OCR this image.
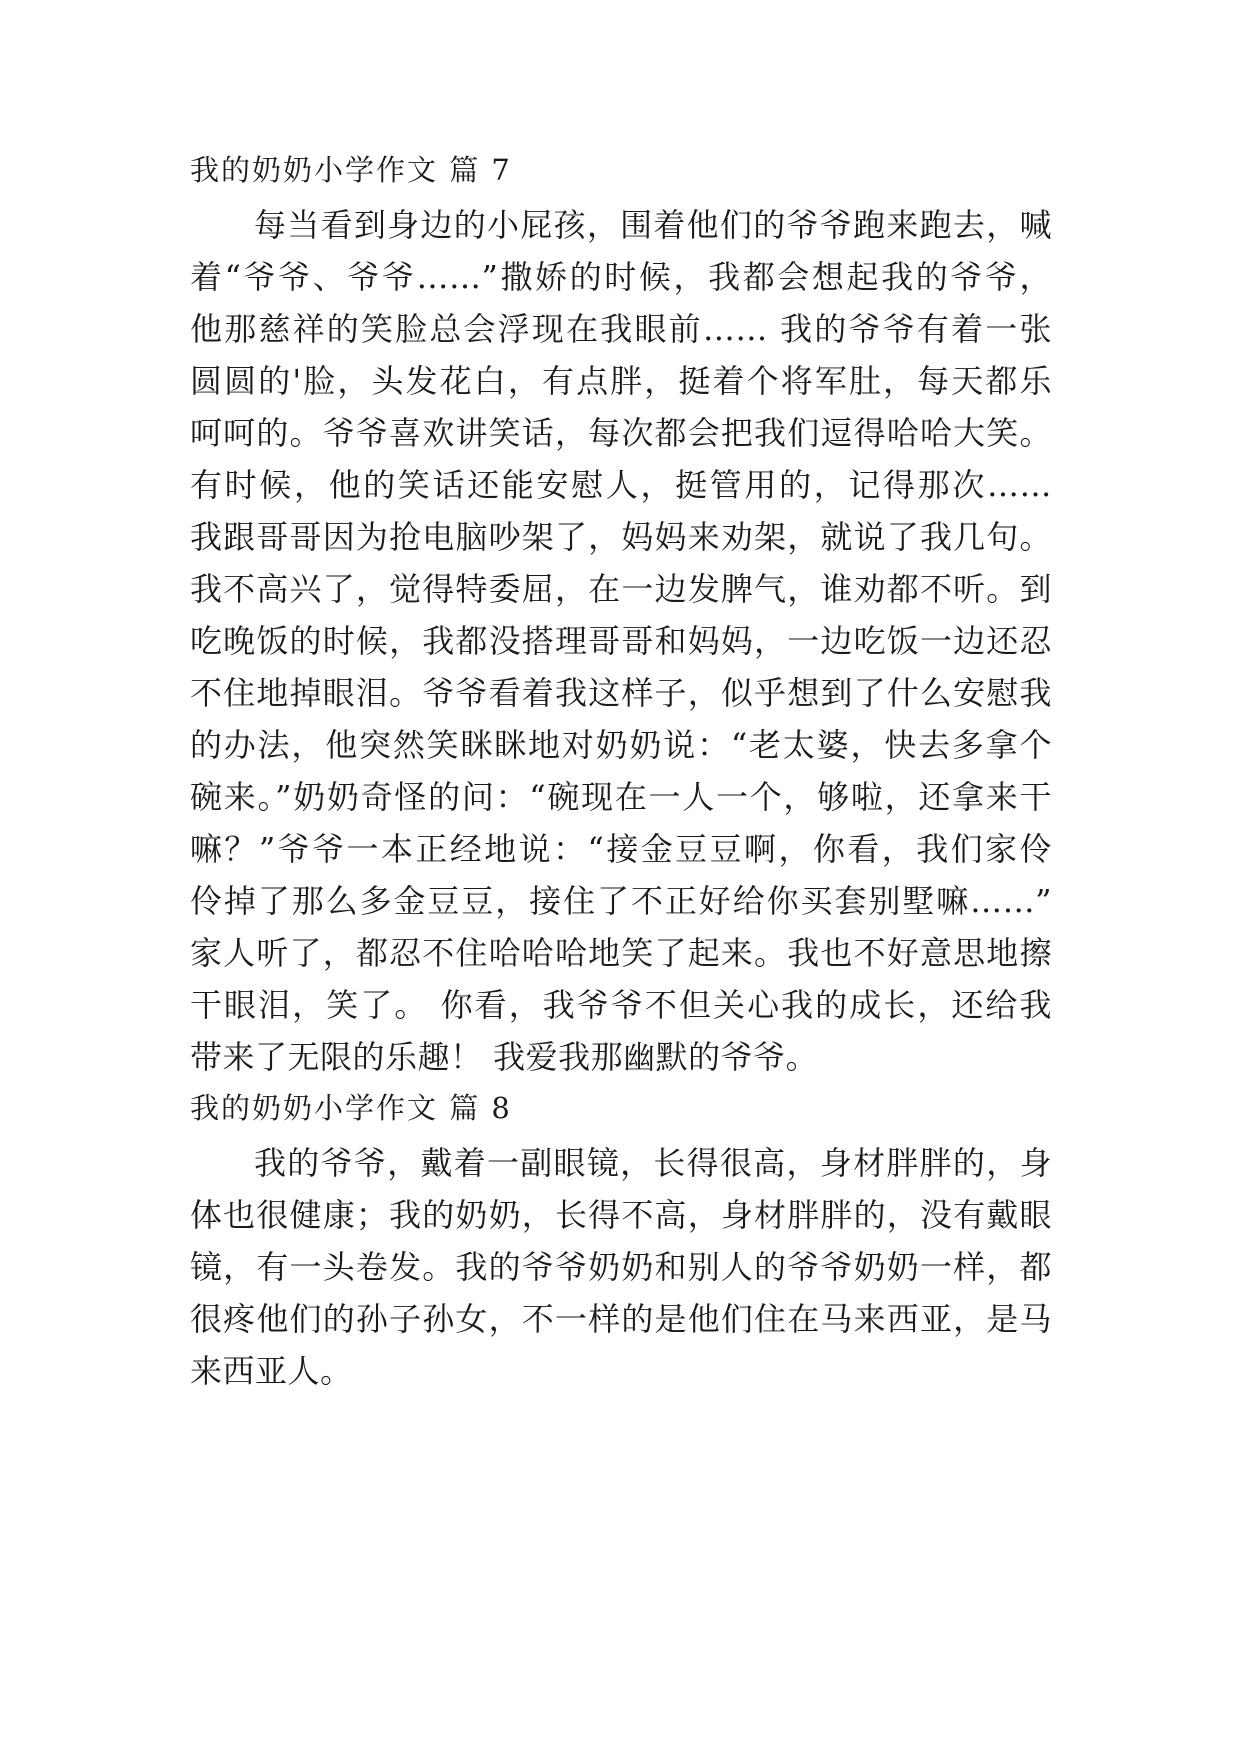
我的奶奶小学作文 篇 7
每当看到身边的小屁孩，围着他们的爷爷跑来跑去，喊
着“爷爷、爷爷……”撒娇的时候，我都会想起我的爷爷，
他那慈祥的笑脸总会浮现在我眼前…… 我的爷爷有着一张
圆圆的'脸，头发花白，有点胖，挺着个将军肚，每天都乐
呵呵的。爷爷喜欢讲笑话，每次都会把我们逗得哈哈大笑。
有时候，他的笑话还能安慰人，挺管用的，记得那次……
我跟哥哥因为抢电脑吵架了，妈妈来劝架，就说了我几句。
我不高兴了，觉得特委屈，在一边发脾气，谁劝都不听。到
吃晚饭的时候，我都没搭理哥哥和妈妈，一边吃饭一边还忍
不住地掉眼泪。爷爷看着我这样子，似乎想到了什么安慰我
的办法，他突然笑眯眯地对奶奶说：“老太婆，快去多拿个
碗来。”奶奶奇怪的问：“碗现在一人一个，够啦，还拿来干
嘛？”爷爷一本正经地说：“接金豆豆啊，你看，我们家伶
伶掉了那么多金豆豆，接住了不正好给你买套别墅嘛……”
家人听了，都忍不住哈哈哈地笑了起来。我也不好意思地擦
干眼泪，笑了。 你看，我爷爷不但关心我的成长，还给我
带来了无限的乐趣！ 我爱我那幽默的爷爷。
我的奶奶小学作文 篇 8
我的爷爷，戴着一副眼镜，长得很高，身材胖胖的，身
体也很健康；我的奶奶，长得不高，身材胖胖的，没有戴眼
镜，有一头卷发。我的爷爷奶奶和别人的爷爷奶奶一样，都
很疼他们的孙子孙女，不一样的是他们住在马来西亚，是马
来西亚人。
